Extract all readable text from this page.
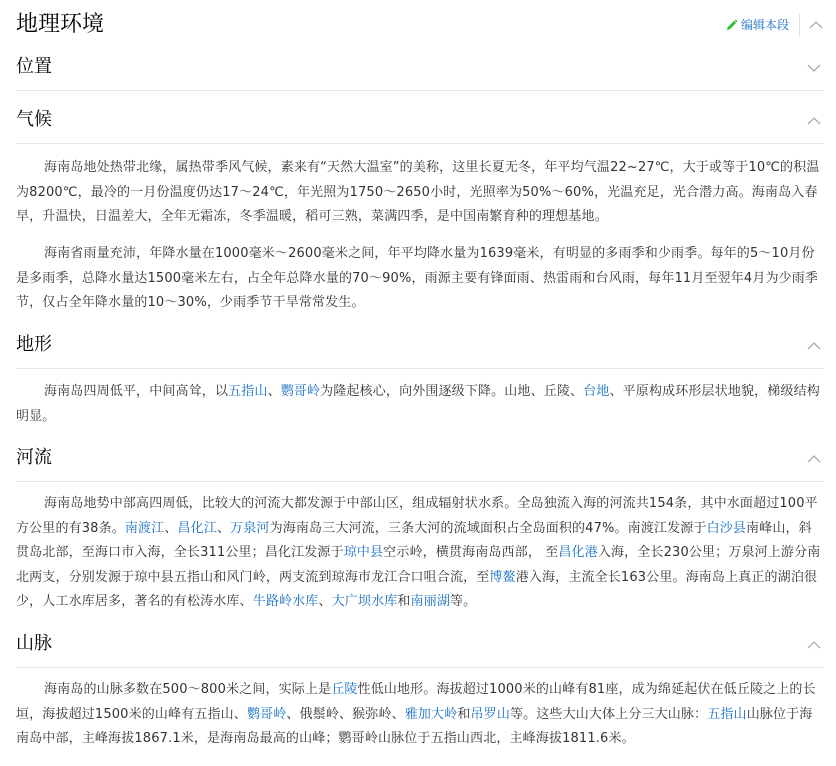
地理环境	编辑本段
位置
气候

海南岛地处热带北缘，属热带季风气候，素来有“天然大温室”的美称，这里长夏无冬，年平均气温22~27℃，大于或等于10℃的积温为8200℃，最冷的一月份温度仍达17～24℃，年光照为1750～2650小时，光照率为50%～60%，光温充足，光合潜力高。海南岛入春早，升温快，日温差大，全年无霜冻，冬季温暖，稻可三熟，菜满四季，是中国南繁育种的理想基地。

海南省雨量充沛，年降水量在1000毫米～2600毫米之间，年平均降水量为1639毫米，有明显的多雨季和少雨季。每年的5～10月份是多雨季，总降水量达1500毫米左右，占全年总降水量的70～90%，雨源主要有锋面雨、热雷雨和台风雨，每年11月至翌年4月为少雨季节，仅占全年降水量的10～30%，少雨季节干旱常常发生。

地形

海南岛四周低平，中间高耸，以五指山、鹦哥岭为隆起核心，向外围逐级下降。山地、丘陵、台地、平原构成环形层状地貌，梯级结构明显。

河流

海南岛地势中部高四周低，比较大的河流大都发源于中部山区，组成辐射状水系。全岛独流入海的河流共154条，其中水面超过100平方公里的有38条。南渡江、昌化江、万泉河为海南岛三大河流，三条大河的流域面积占全岛面积的47%。南渡江发源于白沙县南峰山，斜贯岛北部，至海口市入海，全长311公里；昌化江发源于琼中县空示岭，横贯海南岛西部， 至昌化港入海，全长230公里；万泉河上游分南北两支，分别发源于琼中县五指山和风门岭，两支流到琼海市龙江合口咀合流，至博鳌港入海，主流全长163公里。海南岛上真正的湖泊很少，人工水库居多，著名的有松涛水库、牛路岭水库、大广坝水库和南丽湖等。

山脉

海南岛的山脉多数在500～800米之间，实际上是丘陵性低山地形。海拔超过1000米的山峰有81座，成为绵延起伏在低丘陵之上的长垣，海拔超过1500米的山峰有五指山、鹦哥岭、俄鬃岭、猴弥岭、雅加大岭和吊罗山等。这些大山大体上分三大山脉：五指山山脉位于海南岛中部，主峰海拔1867.1米，是海南岛最高的山峰；鹦哥岭山脉位于五指山西北，主峰海拔1811.6米。
